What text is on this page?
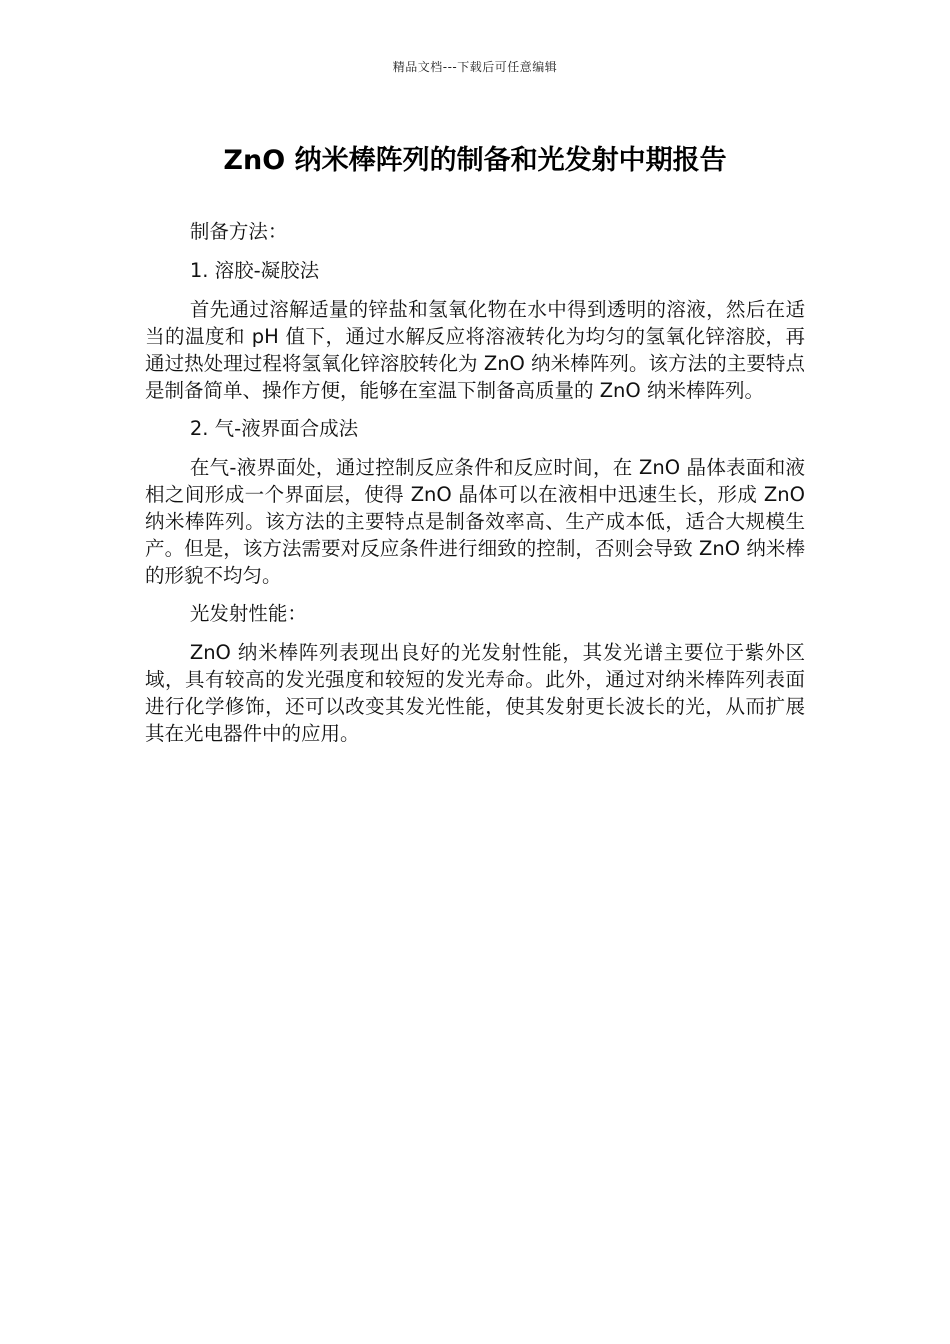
精品文档---下载后可任意编辑
ZnO 纳米棒阵列的制备和光发射中期报告

制备方法：

1. 溶胶-凝胶法

首先通过溶解适量的锌盐和氢氧化物在水中得到透明的溶液，然后在适当的温度和 pH 值下，通过水解反应将溶液转化为均匀的氢氧化锌溶胶，再通过热处理过程将氢氧化锌溶胶转化为 ZnO 纳米棒阵列。该方法的主要特点是制备简单、操作方便，能够在室温下制备高质量的 ZnO 纳米棒阵列。

2. 气-液界面合成法

在气-液界面处，通过控制反应条件和反应时间，在 ZnO 晶体表面和液相之间形成一个界面层，使得 ZnO 晶体可以在液相中迅速生长，形成 ZnO 纳米棒阵列。该方法的主要特点是制备效率高、生产成本低，适合大规模生产。但是，该方法需要对反应条件进行细致的控制，否则会导致 ZnO 纳米棒的形貌不均匀。

光发射性能：

ZnO 纳米棒阵列表现出良好的光发射性能，其发光谱主要位于紫外区域，具有较高的发光强度和较短的发光寿命。此外，通过对纳米棒阵列表面进行化学修饰，还可以改变其发光性能，使其发射更长波长的光，从而扩展其在光电器件中的应用。
